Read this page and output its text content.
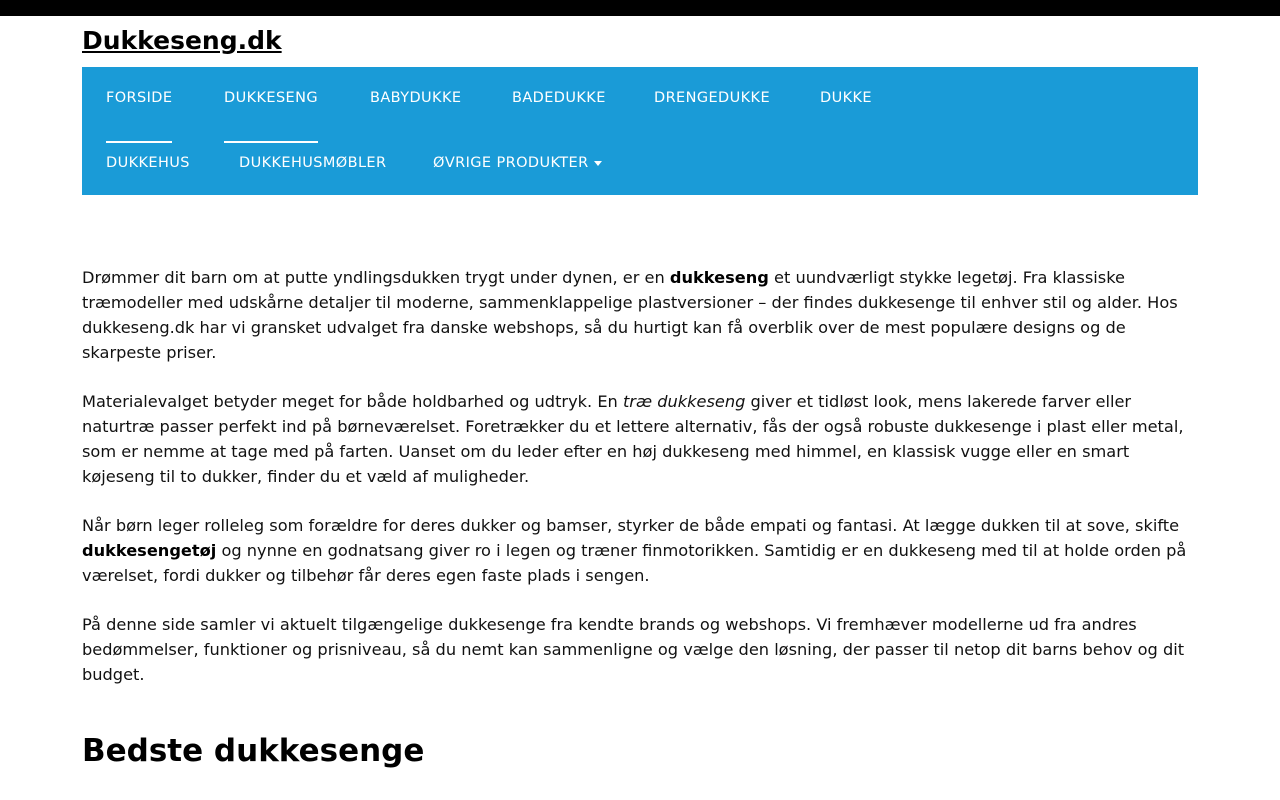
Dukkeseng.dk
FORSIDE	DUKKESENG	BABYDUKKE	BADEDUKKE	DRENGEDUKKE	DUKKE
DUKKEHUS	DUKKEHUSMØBLER	ØVRIGE PRODUKTER

Drømmer dit barn om at putte yndlingsdukken trygt under dynen, er en dukkeseng et uundværligt stykke legetøj. Fra klassiske træmodeller med udskårne detaljer til moderne, sammenklappelige plastversioner – der findes dukkesenge til enhver stil og alder. Hos dukkeseng.dk har vi gransket udvalget fra danske webshops, så du hurtigt kan få overblik over de mest populære designs og de skarpeste priser.

Materialevalget betyder meget for både holdbarhed og udtryk. En træ dukkeseng giver et tidløst look, mens lakerede farver eller naturtræ passer perfekt ind på børneværelset. Foretrækker du et lettere alternativ, fås der også robuste dukkesenge i plast eller metal, som er nemme at tage med på farten. Uanset om du leder efter en høj dukkeseng med himmel, en klassisk vugge eller en smart køjeseng til to dukker, finder du et væld af muligheder.

Når børn leger rolleleg som forældre for deres dukker og bamser, styrker de både empati og fantasi. At lægge dukken til at sove, skifte dukkesengetøj og nynne en godnatsang giver ro i legen og træner finmotorikken. Samtidig er en dukkeseng med til at holde orden på værelset, fordi dukker og tilbehør får deres egen faste plads i sengen.

På denne side samler vi aktuelt tilgængelige dukkesenge fra kendte brands og webshops. Vi fremhæver modellerne ud fra andres bedømmelser, funktioner og prisniveau, så du nemt kan sammenligne og vælge den løsning, der passer til netop dit barns behov og dit budget.

Bedste dukkesenge
